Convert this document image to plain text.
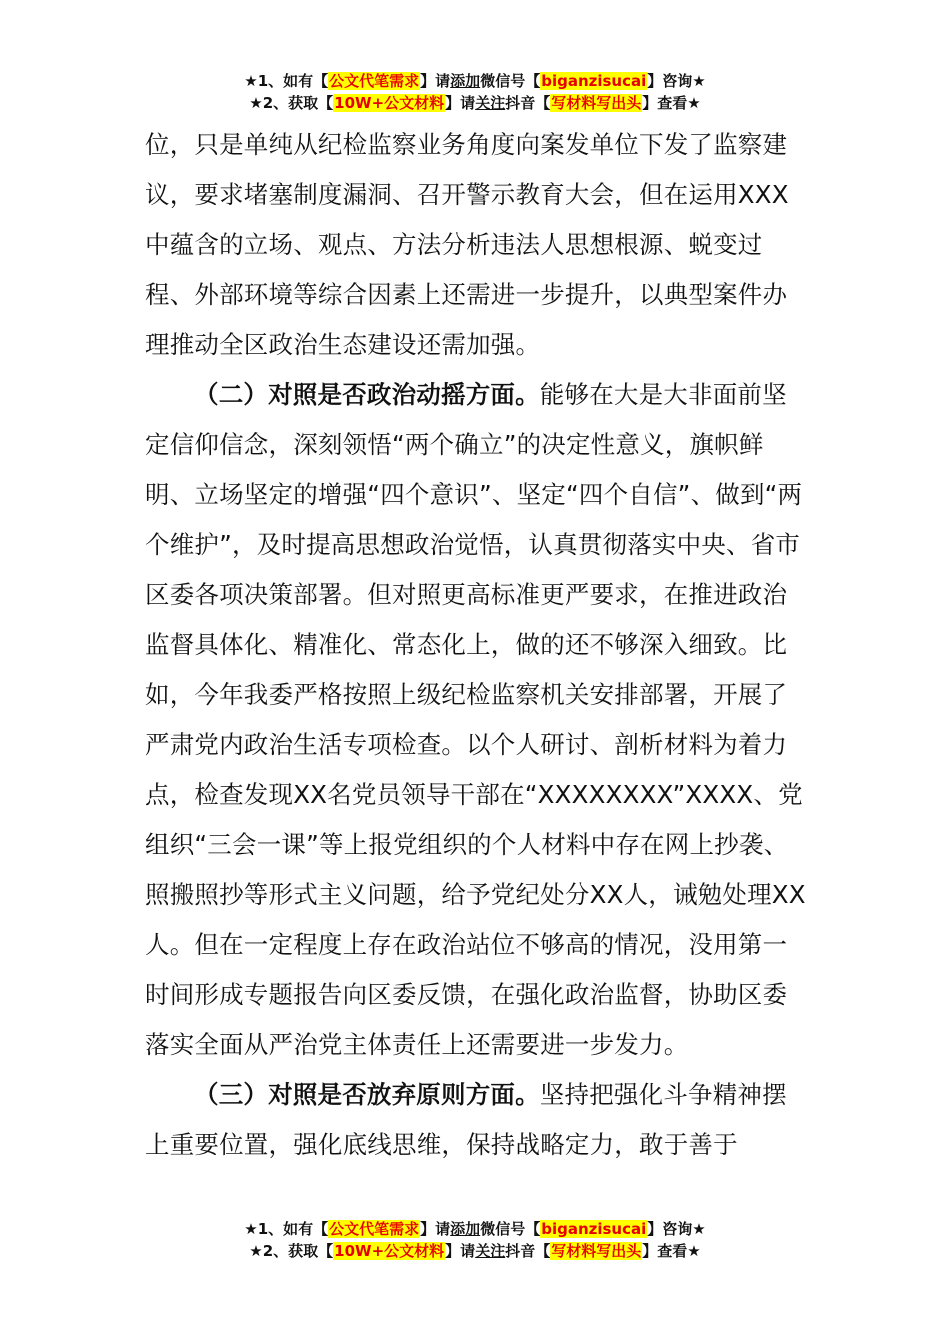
★1、如有【公文代笔需求】请添加微信号【biganzisucai】咨询★
★2、获取【10W+公文材料】请关注抖音【写材料写出头】查看★

位，只是单纯从纪检监察业务角度向案发单位下发了监察建议，要求堵塞制度漏洞、召开警示教育大会，但在运用XXX中蕴含的立场、观点、方法分析违法人思想根源、蜕变过程、外部环境等综合因素上还需进一步提升，以典型案件办理推动全区政治生态建设还需加强。

（二）对照是否政治动摇方面。能够在大是大非面前坚定信仰信念，深刻领悟“两个确立”的决定性意义，旗帜鲜明、立场坚定的增强“四个意识”、坚定“四个自信”、做到“两个维护”，及时提高思想政治觉悟，认真贯彻落实中央、省市区委各项决策部署。但对照更高标准更严要求，在推进政治监督具体化、精准化、常态化上，做的还不够深入细致。比如，今年我委严格按照上级纪检监察机关安排部署，开展了严肃党内政治生活专项检查。以个人研讨、剖析材料为着力点，检查发现XX名党员领导干部在“XXXXXXXX”XXXX、党组织“三会一课”等上报党组织的个人材料中存在网上抄袭、照搬照抄等形式主义问题，给予党纪处分XX人，诫勉处理XX人。但在一定程度上存在政治站位不够高的情况，没用第一时间形成专题报告向区委反馈，在强化政治监督，协助区委落实全面从严治党主体责任上还需要进一步发力。

（三）对照是否放弃原则方面。坚持把强化斗争精神摆上重要位置，强化底线思维，保持战略定力，敢于善于

★1、如有【公文代笔需求】请添加微信号【biganzisucai】咨询★
★2、获取【10W+公文材料】请关注抖音【写材料写出头】查看★
